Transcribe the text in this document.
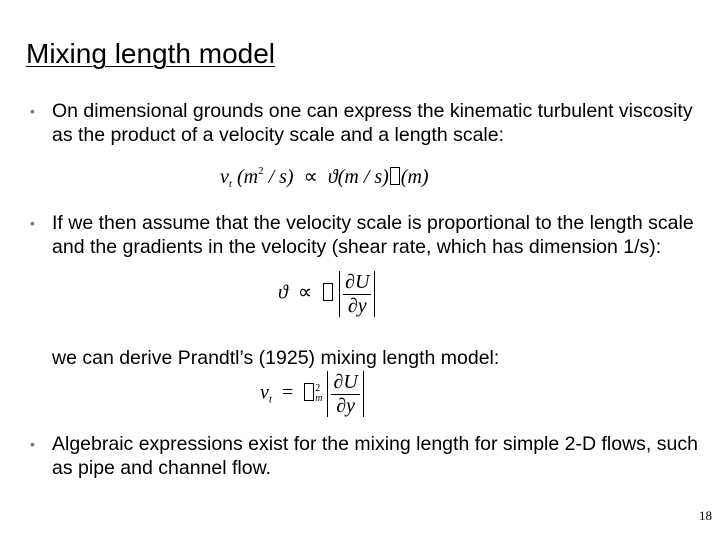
Mixing length model
• On dimensional grounds one can express the kinematic turbulent viscosity as the product of a velocity scale and a length scale:
$\nu_t$ $(m^2 / s) \propto ϑ(m / s)$ (m)
• If we then assume that the velocity scale is proportional to the length scale and the gradients in the velocity (shear rate, which has dimension 1/s):
$ϑ \propto \frac{\partial U}{\partial y}$
we can derive Prandtl’s (1925) mixing length model:
$\nu_t = 2$
m
$\frac{\partial U}{\partial y}$
• Algebraic expressions exist for the mixing length for simple 2-D flows, such as pipe and channel flow.
18
